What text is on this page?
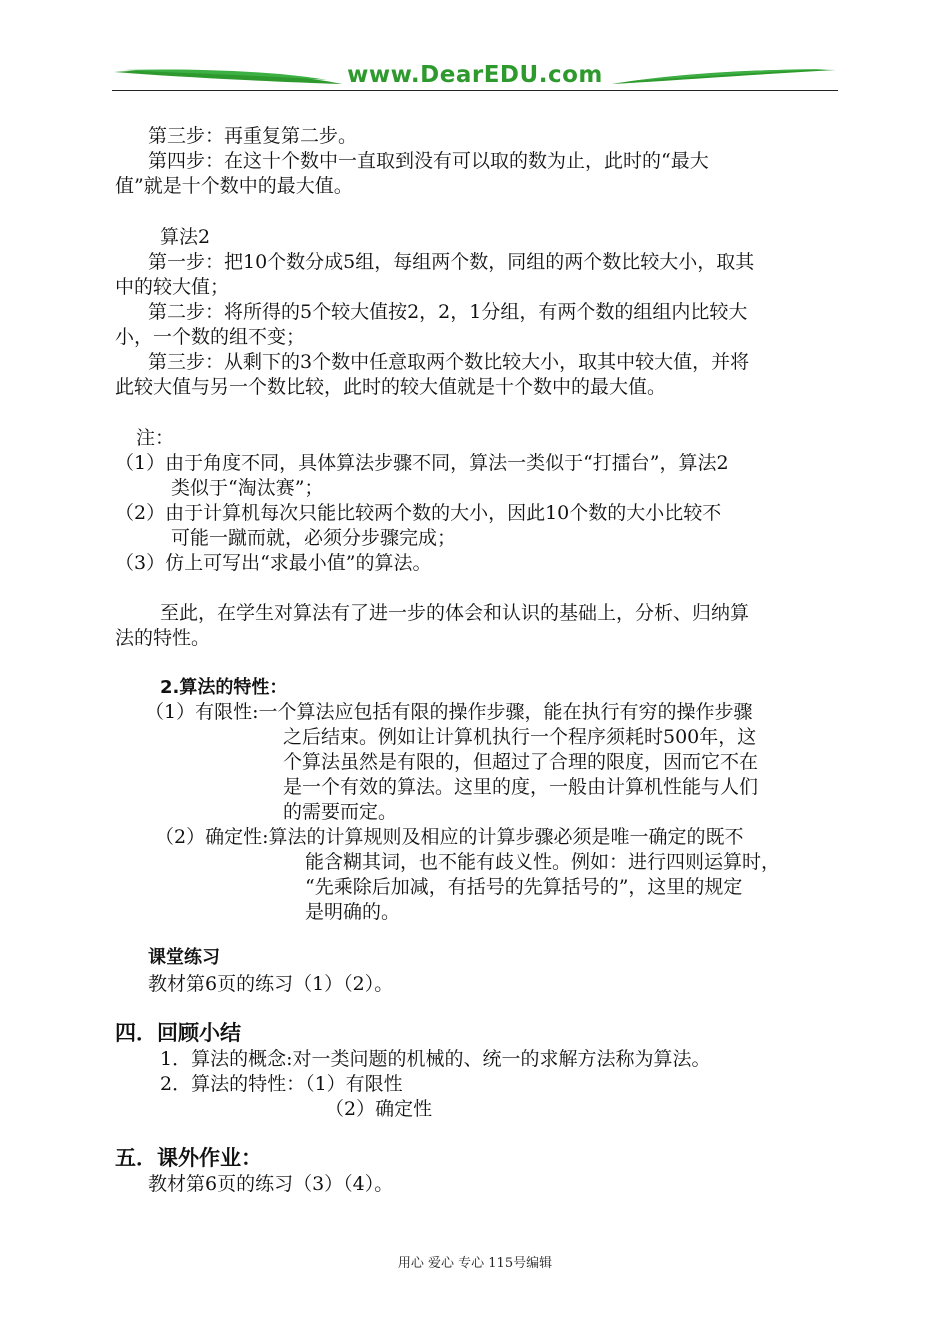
www.DearEDU.com
第三步：再重复第二步。
第四步：在这十个数中一直取到没有可以取的数为止，此时的“最大
值”就是十个数中的最大值。
算法2
第一步：把10个数分成5组，每组两个数，同组的两个数比较大小，取其
中的较大值；
第二步：将所得的5个较大值按2，2，1分组，有两个数的组组内比较大
小，一个数的组不变；
第三步：从剩下的3个数中任意取两个数比较大小，取其中较大值，并将
此较大值与另一个数比较，此时的较大值就是十个数中的最大值。
注：
（1）由于角度不同，具体算法步骤不同，算法一类似于“打擂台”，算法2
类似于“淘汰赛”；
（2）由于计算机每次只能比较两个数的大小，因此10个数的大小比较不
可能一蹴而就，必须分步骤完成；
（3）仿上可写出“求最小值”的算法。
至此，在学生对算法有了进一步的体会和认识的基础上，分析、归纳算
法的特性。
2.算法的特性：
（1）有限性:一个算法应包括有限的操作步骤，能在执行有穷的操作步骤
之后结束。例如让计算机执行一个程序须耗时500年，这
个算法虽然是有限的，但超过了合理的限度，因而它不在
是一个有效的算法。这里的度，一般由计算机性能与人们
的需要而定。
（2）确定性:算法的计算规则及相应的计算步骤必须是唯一确定的既不
能含糊其词，也不能有歧义性。例如：进行四则运算时，
“先乘除后加减，有括号的先算括号的”，这里的规定
是明确的。
课堂练习
教材第6页的练习（1）（2）。
四．回顾小结
1．算法的概念:对一类问题的机械的、统一的求解方法称为算法。
2．算法的特性：（1）有限性
（2）确定性
五．课外作业：
教材第6页的练习（3）（4）。
用心 爱心 专心 115号编辑
